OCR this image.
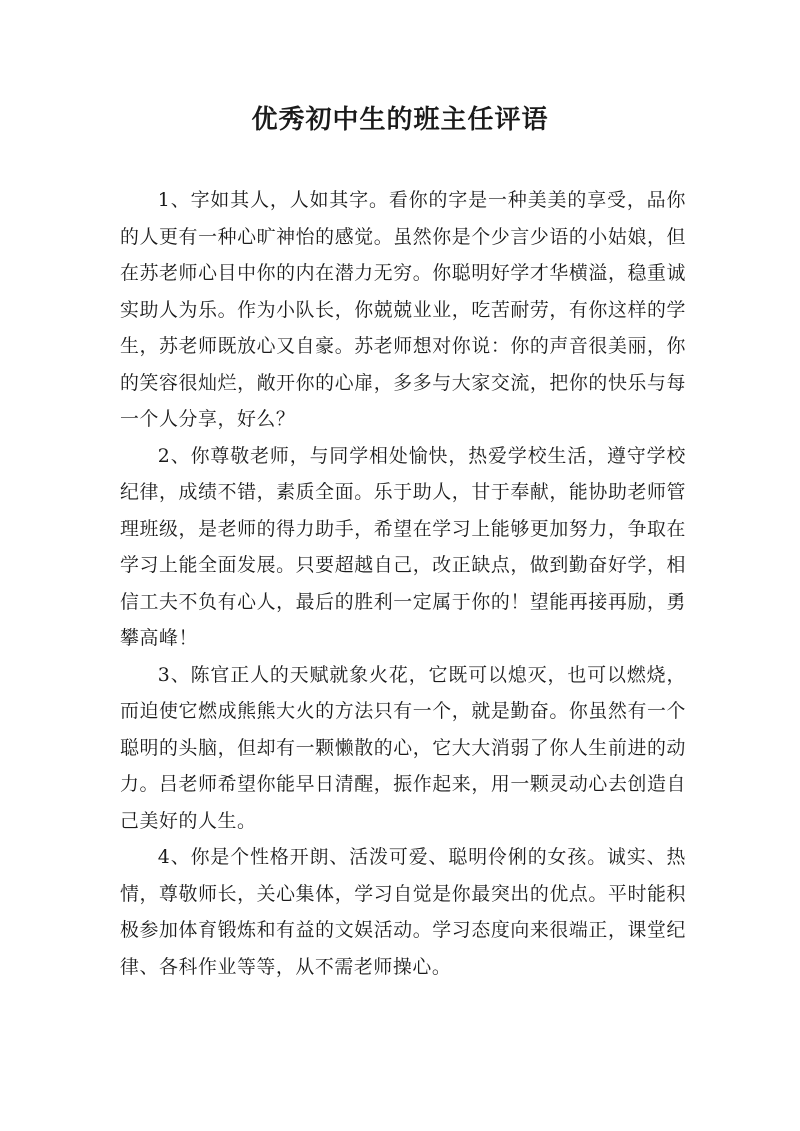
优秀初中生的班主任评语

1、字如其人，人如其字。看你的字是一种美美的享受，品你的人更有一种心旷神怡的感觉。虽然你是个少言少语的小姑娘，但在苏老师心目中你的内在潜力无穷。你聪明好学才华横溢，稳重诚实助人为乐。作为小队长，你兢兢业业，吃苦耐劳，有你这样的学生，苏老师既放心又自豪。苏老师想对你说：你的声音很美丽，你的笑容很灿烂，敞开你的心扉，多多与大家交流，把你的快乐与每一个人分享，好么？

2、你尊敬老师，与同学相处愉快，热爱学校生活，遵守学校纪律，成绩不错，素质全面。乐于助人，甘于奉献，能协助老师管理班级，是老师的得力助手，希望在学习上能够更加努力，争取在学习上能全面发展。只要超越自己，改正缺点，做到勤奋好学，相信工夫不负有心人，最后的胜利一定属于你的！望能再接再励，勇攀高峰！

3、陈官正人的天赋就象火花，它既可以熄灭，也可以燃烧，而迫使它燃成熊熊大火的方法只有一个，就是勤奋。你虽然有一个聪明的头脑，但却有一颗懒散的心，它大大消弱了你人生前进的动力。吕老师希望你能早日清醒，振作起来，用一颗灵动心去创造自己美好的人生。

4、你是个性格开朗、活泼可爱、聪明伶俐的女孩。诚实、热情，尊敬师长，关心集体，学习自觉是你最突出的优点。平时能积极参加体育锻炼和有益的文娱活动。学习态度向来很端正，课堂纪律、各科作业等等，从不需老师操心。
